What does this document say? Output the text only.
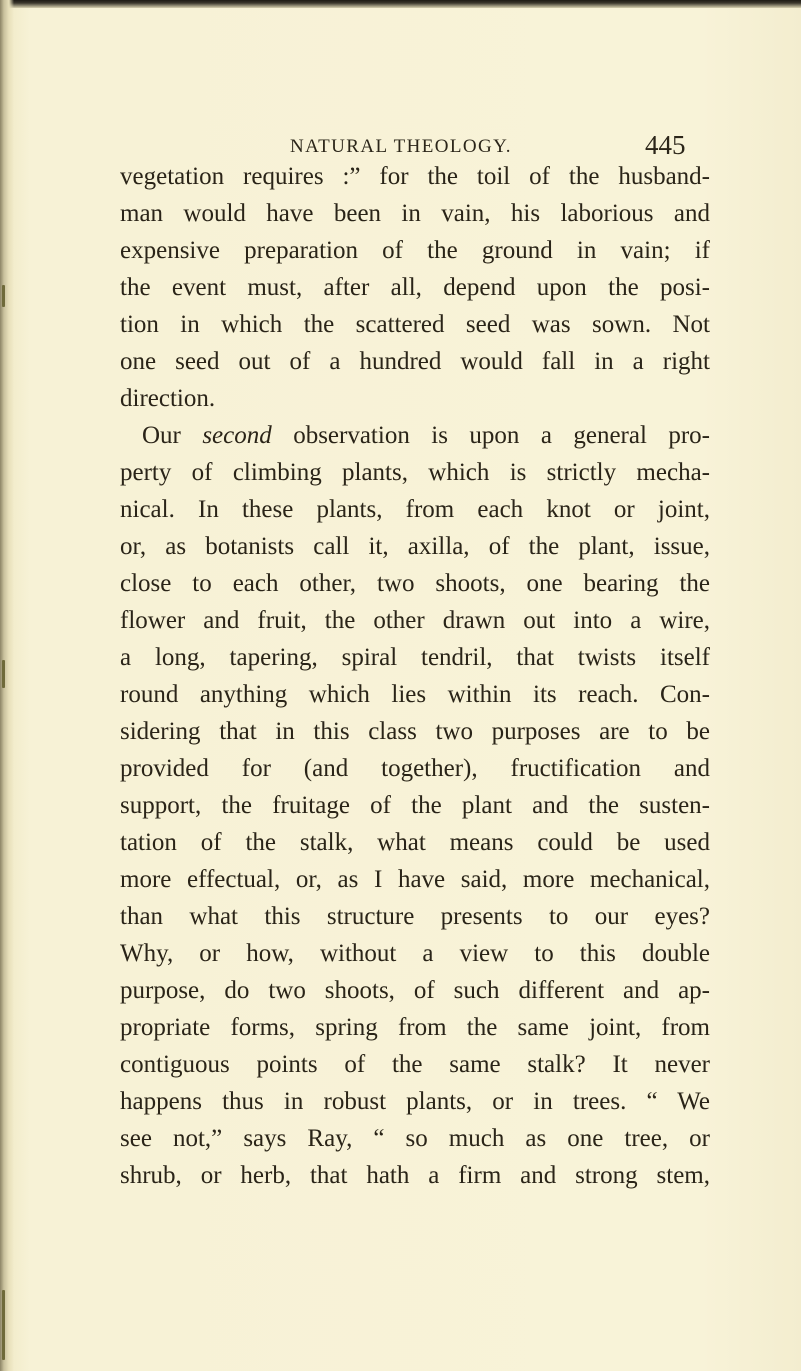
NATURAL THEOLOGY.	445
vegetation requires :” for the toil of the husband-
man would have been in vain, his laborious and
expensive preparation of the ground in vain; if
the event must, after all, depend upon the posi-
tion in which the scattered seed was sown. Not
one seed out of a hundred would fall in a right
direction.
Our second observation is upon a general pro-
perty of climbing plants, which is strictly mecha-
nical. In these plants, from each knot or joint,
or, as botanists call it, axilla, of the plant, issue,
close to each other, two shoots, one bearing the
flower and fruit, the other drawn out into a wire,
a long, tapering, spiral tendril, that twists itself
round anything which lies within its reach. Con-
sidering that in this class two purposes are to be
provided for (and together), fructification and
support, the fruitage of the plant and the susten-
tation of the stalk, what means could be used
more effectual, or, as I have said, more mechanical,
than what this structure presents to our eyes?
Why, or how, without a view to this double
purpose, do two shoots, of such different and ap-
propriate forms, spring from the same joint, from
contiguous points of the same stalk? It never
happens thus in robust plants, or in trees. “ We
see not,” says Ray, “ so much as one tree, or
shrub, or herb, that hath a firm and strong stem,
